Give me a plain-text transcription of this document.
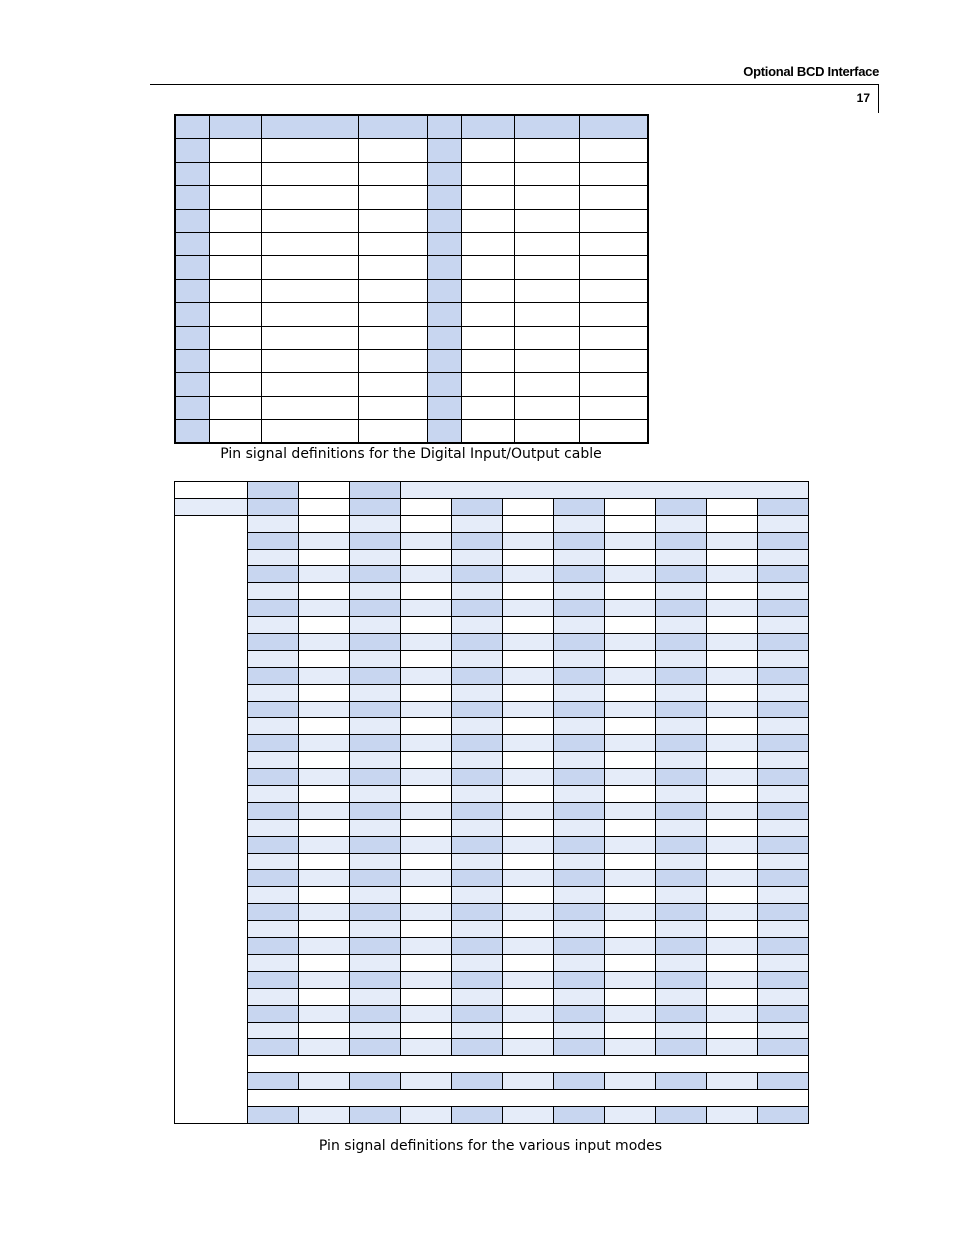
Optional BCD Interface
17

Pin signal definitions for the Digital Input/Output cable

Pin signal definitions for the various input modes
